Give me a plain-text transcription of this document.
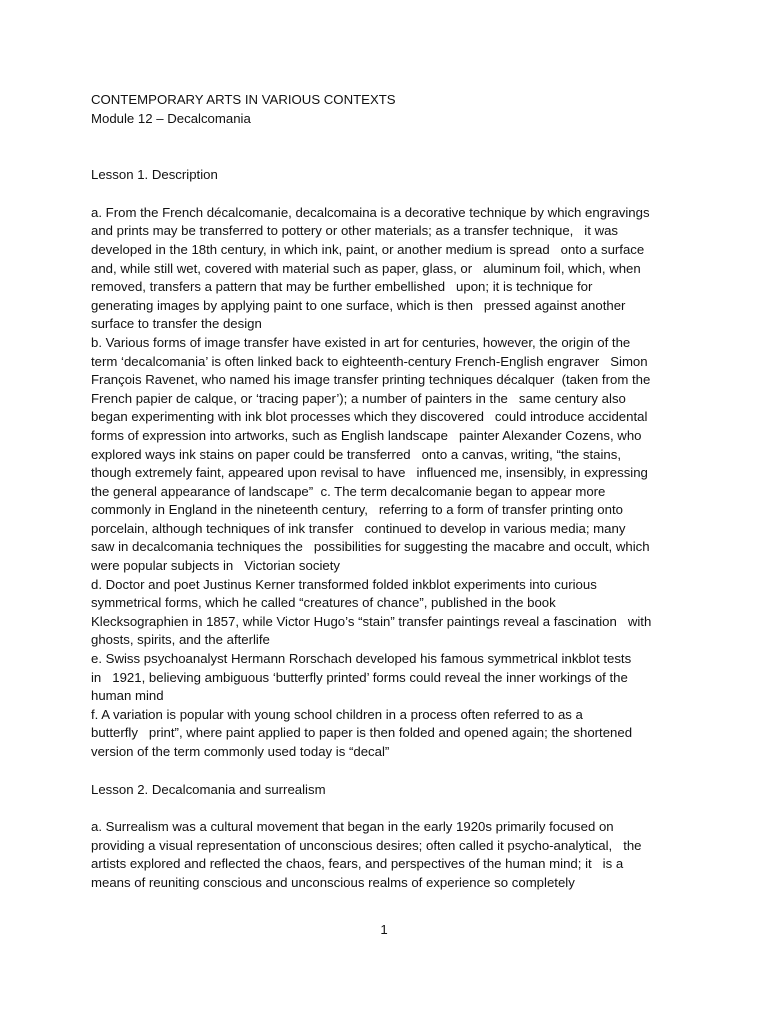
CONTEMPORARY ARTS IN VARIOUS CONTEXTS
Module 12 – Decalcomania
Lesson 1. Description
a. From the French décalcomanie, decalcomaina is a decorative technique by which engravings
and prints may be transferred to pottery or other materials; as a transfer technique,   it was
developed in the 18th century, in which ink, paint, or another medium is spread   onto a surface
and, while still wet, covered with material such as paper, glass, or   aluminum foil, which, when
removed, transfers a pattern that may be further embellished   upon; it is technique for
generating images by applying paint to one surface, which is then   pressed against another
surface to transfer the design
b. Various forms of image transfer have existed in art for centuries, however, the origin of the
term ‘decalcomania’ is often linked back to eighteenth-century French-English engraver   Simon
François Ravenet, who named his image transfer printing techniques décalquer  (taken from the
French papier de calque, or ‘tracing paper’); a number of painters in the   same century also
began experimenting with ink blot processes which they discovered   could introduce accidental
forms of expression into artworks, such as English landscape   painter Alexander Cozens, who
explored ways ink stains on paper could be transferred   onto a canvas, writing, “the stains,
though extremely faint, appeared upon revisal to have   influenced me, insensibly, in expressing
the general appearance of landscape”  c. The term decalcomanie began to appear more
commonly in England in the nineteenth century,   referring to a form of transfer printing onto
porcelain, although techniques of ink transfer   continued to develop in various media; many
saw in decalcomania techniques the   possibilities for suggesting the macabre and occult, which
were popular subjects in   Victorian society
d. Doctor and poet Justinus Kerner transformed folded inkblot experiments into curious
symmetrical forms, which he called “creatures of chance”, published in the book
Klecksographien in 1857, while Victor Hugo’s “stain” transfer paintings reveal a fascination   with
ghosts, spirits, and the afterlife
e. Swiss psychoanalyst Hermann Rorschach developed his famous symmetrical inkblot tests
in   1921, believing ambiguous ‘butterfly printed’ forms could reveal the inner workings of the
human mind
f. A variation is popular with young school children in a process often referred to as a
butterfly   print”, where paint applied to paper is then folded and opened again; the shortened
version of the term commonly used today is “decal”
Lesson 2. Decalcomania and surrealism
a. Surrealism was a cultural movement that began in the early 1920s primarily focused on
providing a visual representation of unconscious desires; often called it psycho-analytical,   the
artists explored and reflected the chaos, fears, and perspectives of the human mind; it   is a
means of reuniting conscious and unconscious realms of experience so completely
1
